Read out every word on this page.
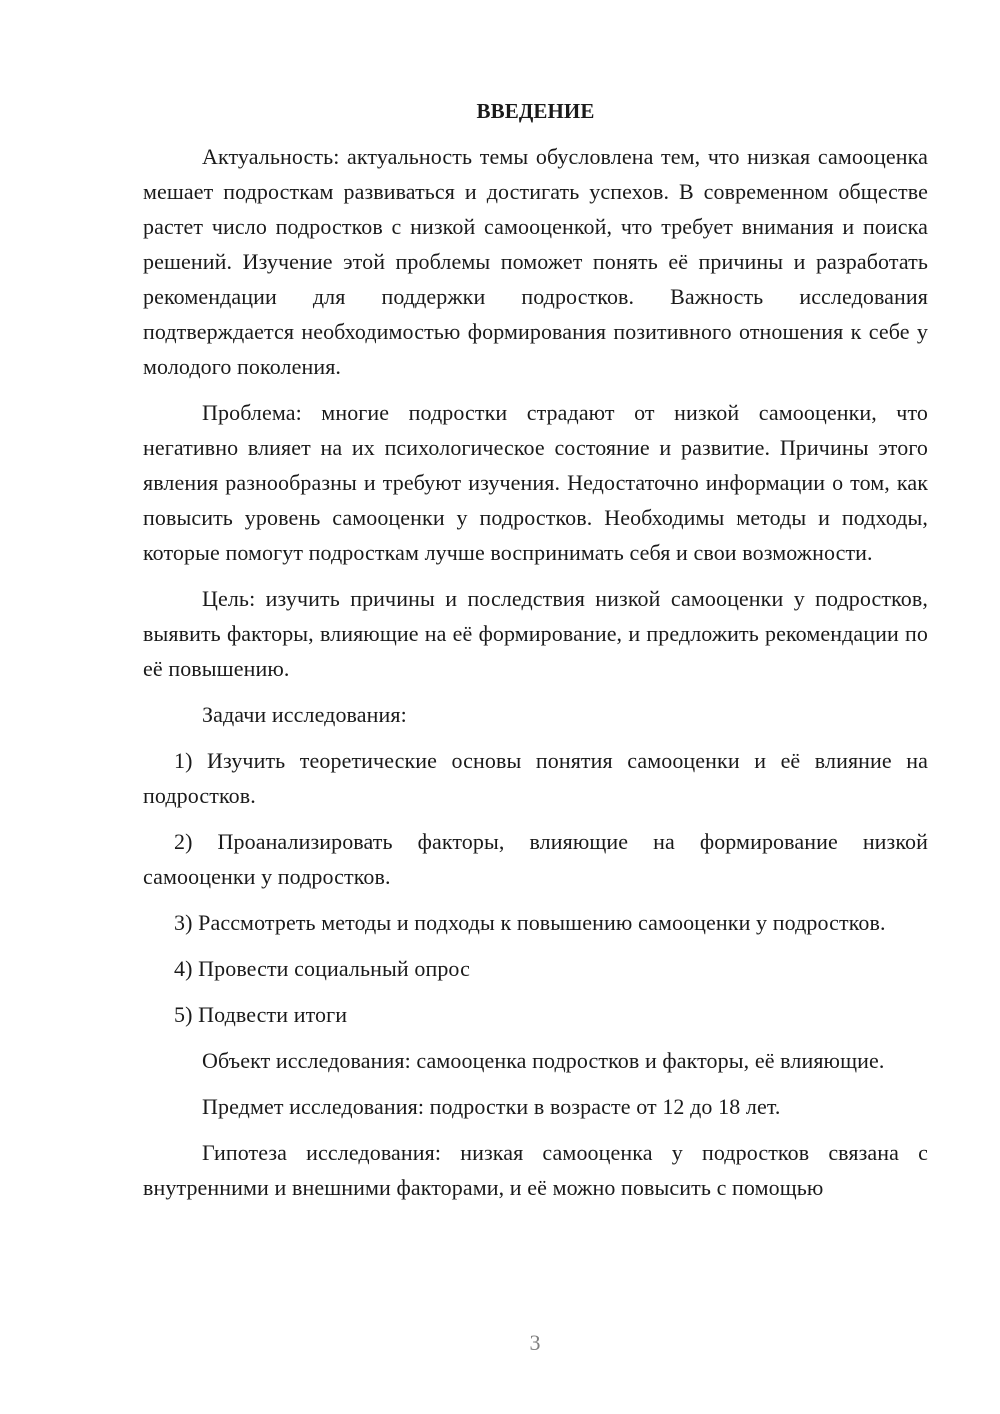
ВВЕДЕНИЕ

Актуальность: актуальность темы обусловлена тем, что низкая самооценка мешает подросткам развиваться и достигать успехов. В современном обществе растет число подростков с низкой самооценкой, что требует внимания и поиска решений. Изучение этой проблемы поможет понять её причины и разработать рекомендации для поддержки подростков. Важность исследования подтверждается необходимостью формирования позитивного отношения к себе у молодого поколения.

Проблема: многие подростки страдают от низкой самооценки, что негативно влияет на их психологическое состояние и развитие. Причины этого явления разнообразны и требуют изучения. Недостаточно информации о том, как повысить уровень самооценки у подростков. Необходимы методы и подходы, которые помогут подросткам лучше воспринимать себя и свои возможности.

Цель: изучить причины и последствия низкой самооценки у подростков, выявить факторы, влияющие на её формирование, и предложить рекомендации по её повышению.

Задачи исследования:

1) Изучить теоретические основы понятия самооценки и её влияние на подростков.

2) Проанализировать факторы, влияющие на формирование низкой самооценки у подростков.

3) Рассмотреть методы и подходы к повышению самооценки у подростков.

4) Провести социальный опрос

5) Подвести итоги

Объект исследования: самооценка подростков и факторы, её влияющие.

Предмет исследования: подростки в возрасте от 12 до 18 лет.

Гипотеза исследования: низкая самооценка у подростков связана с внутренними и внешними факторами, и её можно повысить с помощью

3
